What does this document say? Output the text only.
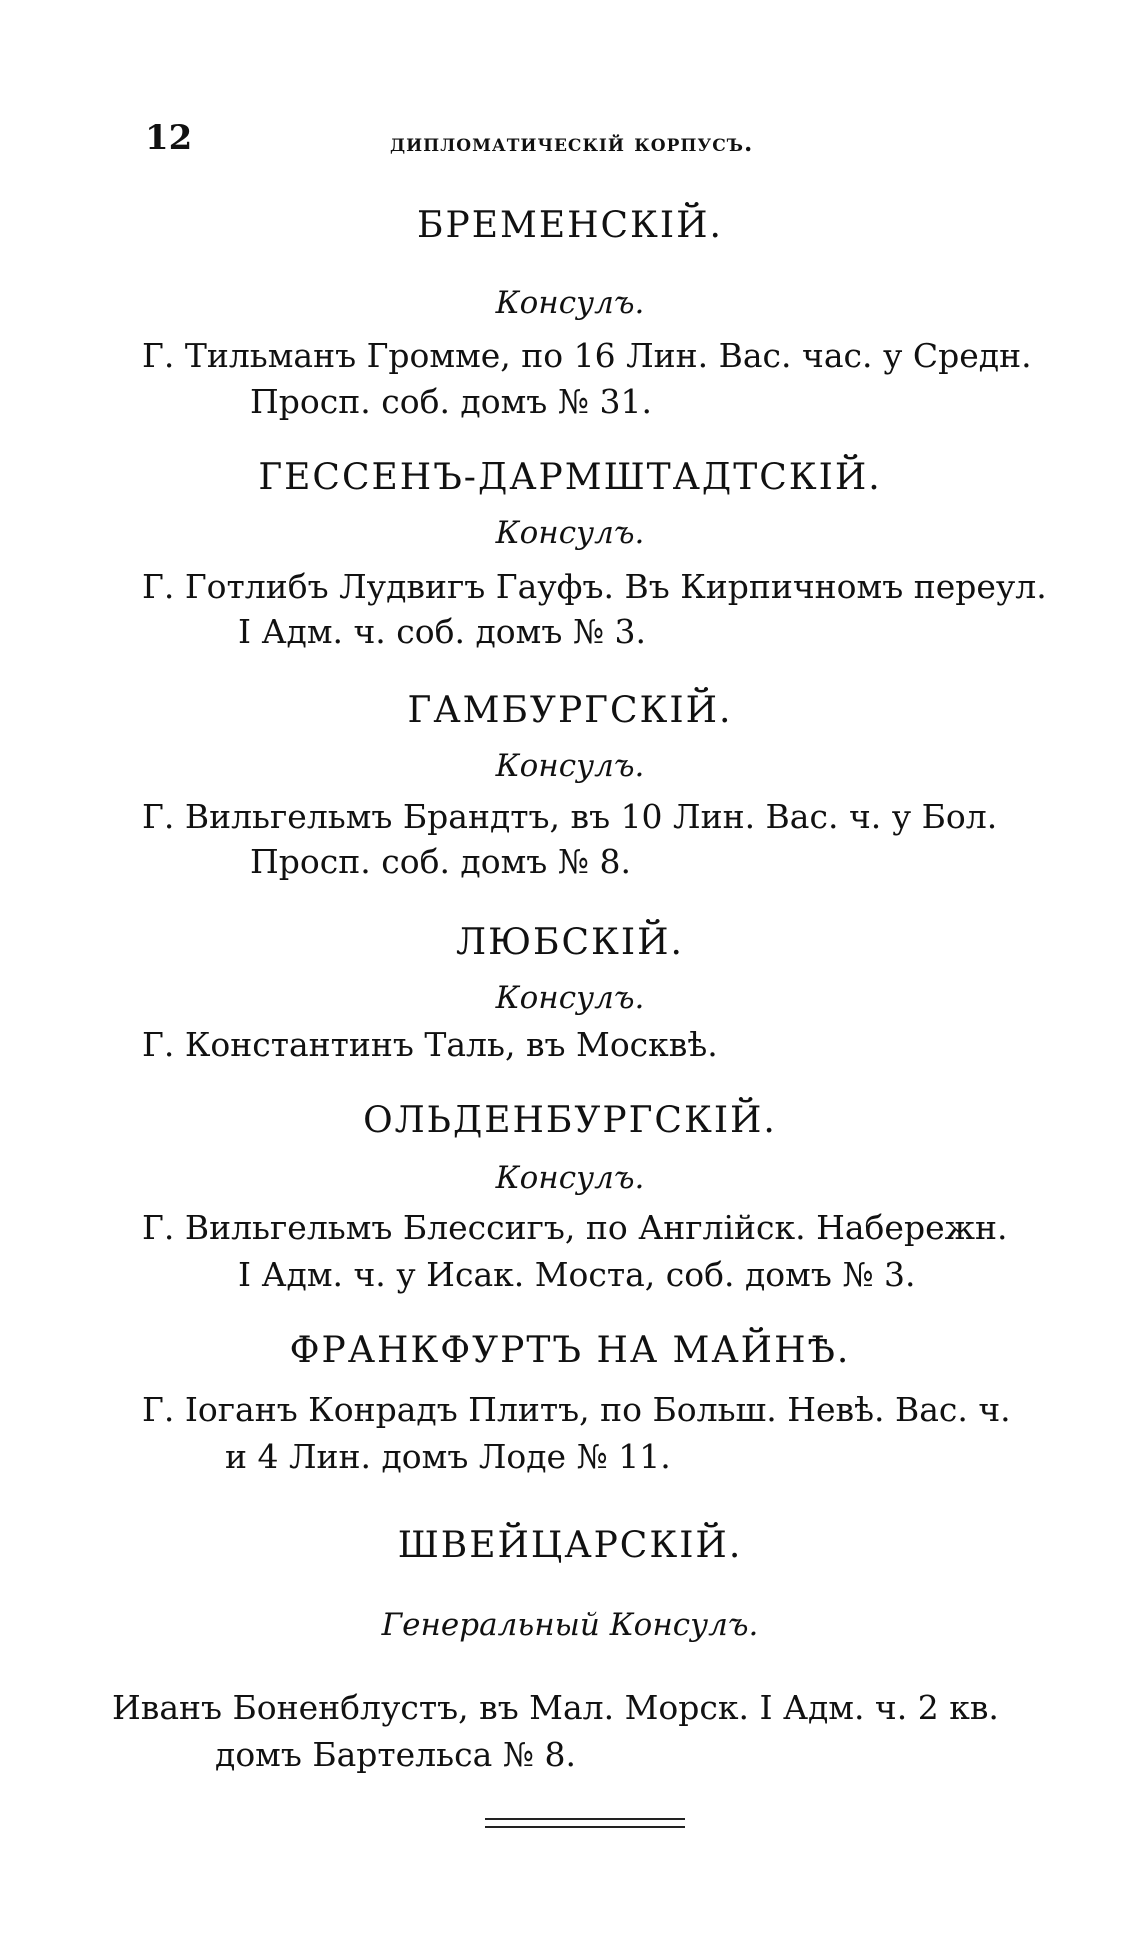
12	дипломатическій корпусъ.
БРЕМЕНСКІЙ.
Консулъ.
Г. Тильманъ Громме, по 16 Лин. Вас. час. у Средн.
Просп. соб. домъ № 31.
ГЕССЕНЪ-ДАРМШТАДТСКІЙ.
Консулъ.
Г. Готлибъ Лудвигъ Гауфъ. Въ Кирпичномъ переул.
I Адм. ч. соб. домъ № 3.
ГАМБУРГСКІЙ.
Консулъ.
Г. Вильгельмъ Брандтъ, въ 10 Лин. Вас. ч. у Бол.
Просп. соб. домъ № 8.
ЛЮБСКІЙ.
Консулъ.
Г. Константинъ Таль, въ Москвѣ.
ОЛЬДЕНБУРГСКІЙ.
Консулъ.
Г. Вильгельмъ Блессигъ, по Англійск. Набережн.
I Адм. ч. у Исак. Моста, соб. домъ № 3.
ФРАНКФУРТЪ НА МАЙНѢ.
Г. Іоганъ Конрадъ Плитъ, по Больш. Невѣ. Вас. ч.
и 4 Лин. домъ Лоде № 11.
ШВЕЙЦАРСКІЙ.
Генеральный Консулъ.
Иванъ Боненблустъ, въ Мал. Морск. I Адм. ч. 2 кв.
домъ Бартельса № 8.
